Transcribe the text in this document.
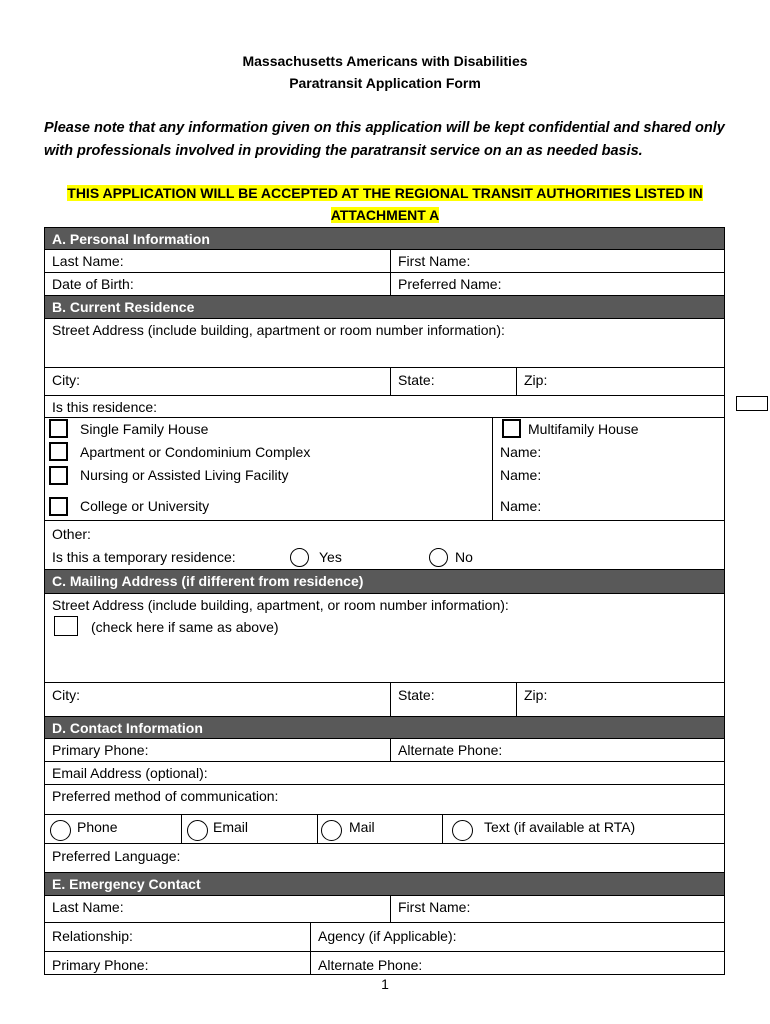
Massachusetts Americans with Disabilities
Paratransit Application Form
Please note that any information given on this application will be kept confidential and shared only with professionals involved in providing the paratransit service on an as needed basis.
THIS APPLICATION WILL BE ACCEPTED AT THE REGIONAL TRANSIT AUTHORITIES LISTED IN ATTACHMENT A
A. Personal Information
Last Name:	First Name:
Date of Birth:	Preferred Name:
B. Current Residence
Street Address (include building, apartment or room number information):
City:	State:	Zip:
Is this residence:
Single Family House	Multifamily House
Apartment or Condominium Complex	Name:
Nursing or Assisted Living Facility	Name:
College or University	Name:
Other:
Is this a temporary residence:	Yes	No
C. Mailing Address (if different from residence)
Street Address (include building, apartment, or room number information):
(check here if same as above)
City:	State:	Zip:
D. Contact Information
Primary Phone:	Alternate Phone:
Email Address (optional):
Preferred method of communication:
Phone	Email	Mail	Text (if available at RTA)
Preferred Language:
E. Emergency Contact
Last Name:	First Name:
Relationship:	Agency (if Applicable):
Primary Phone:	Alternate Phone:
1
